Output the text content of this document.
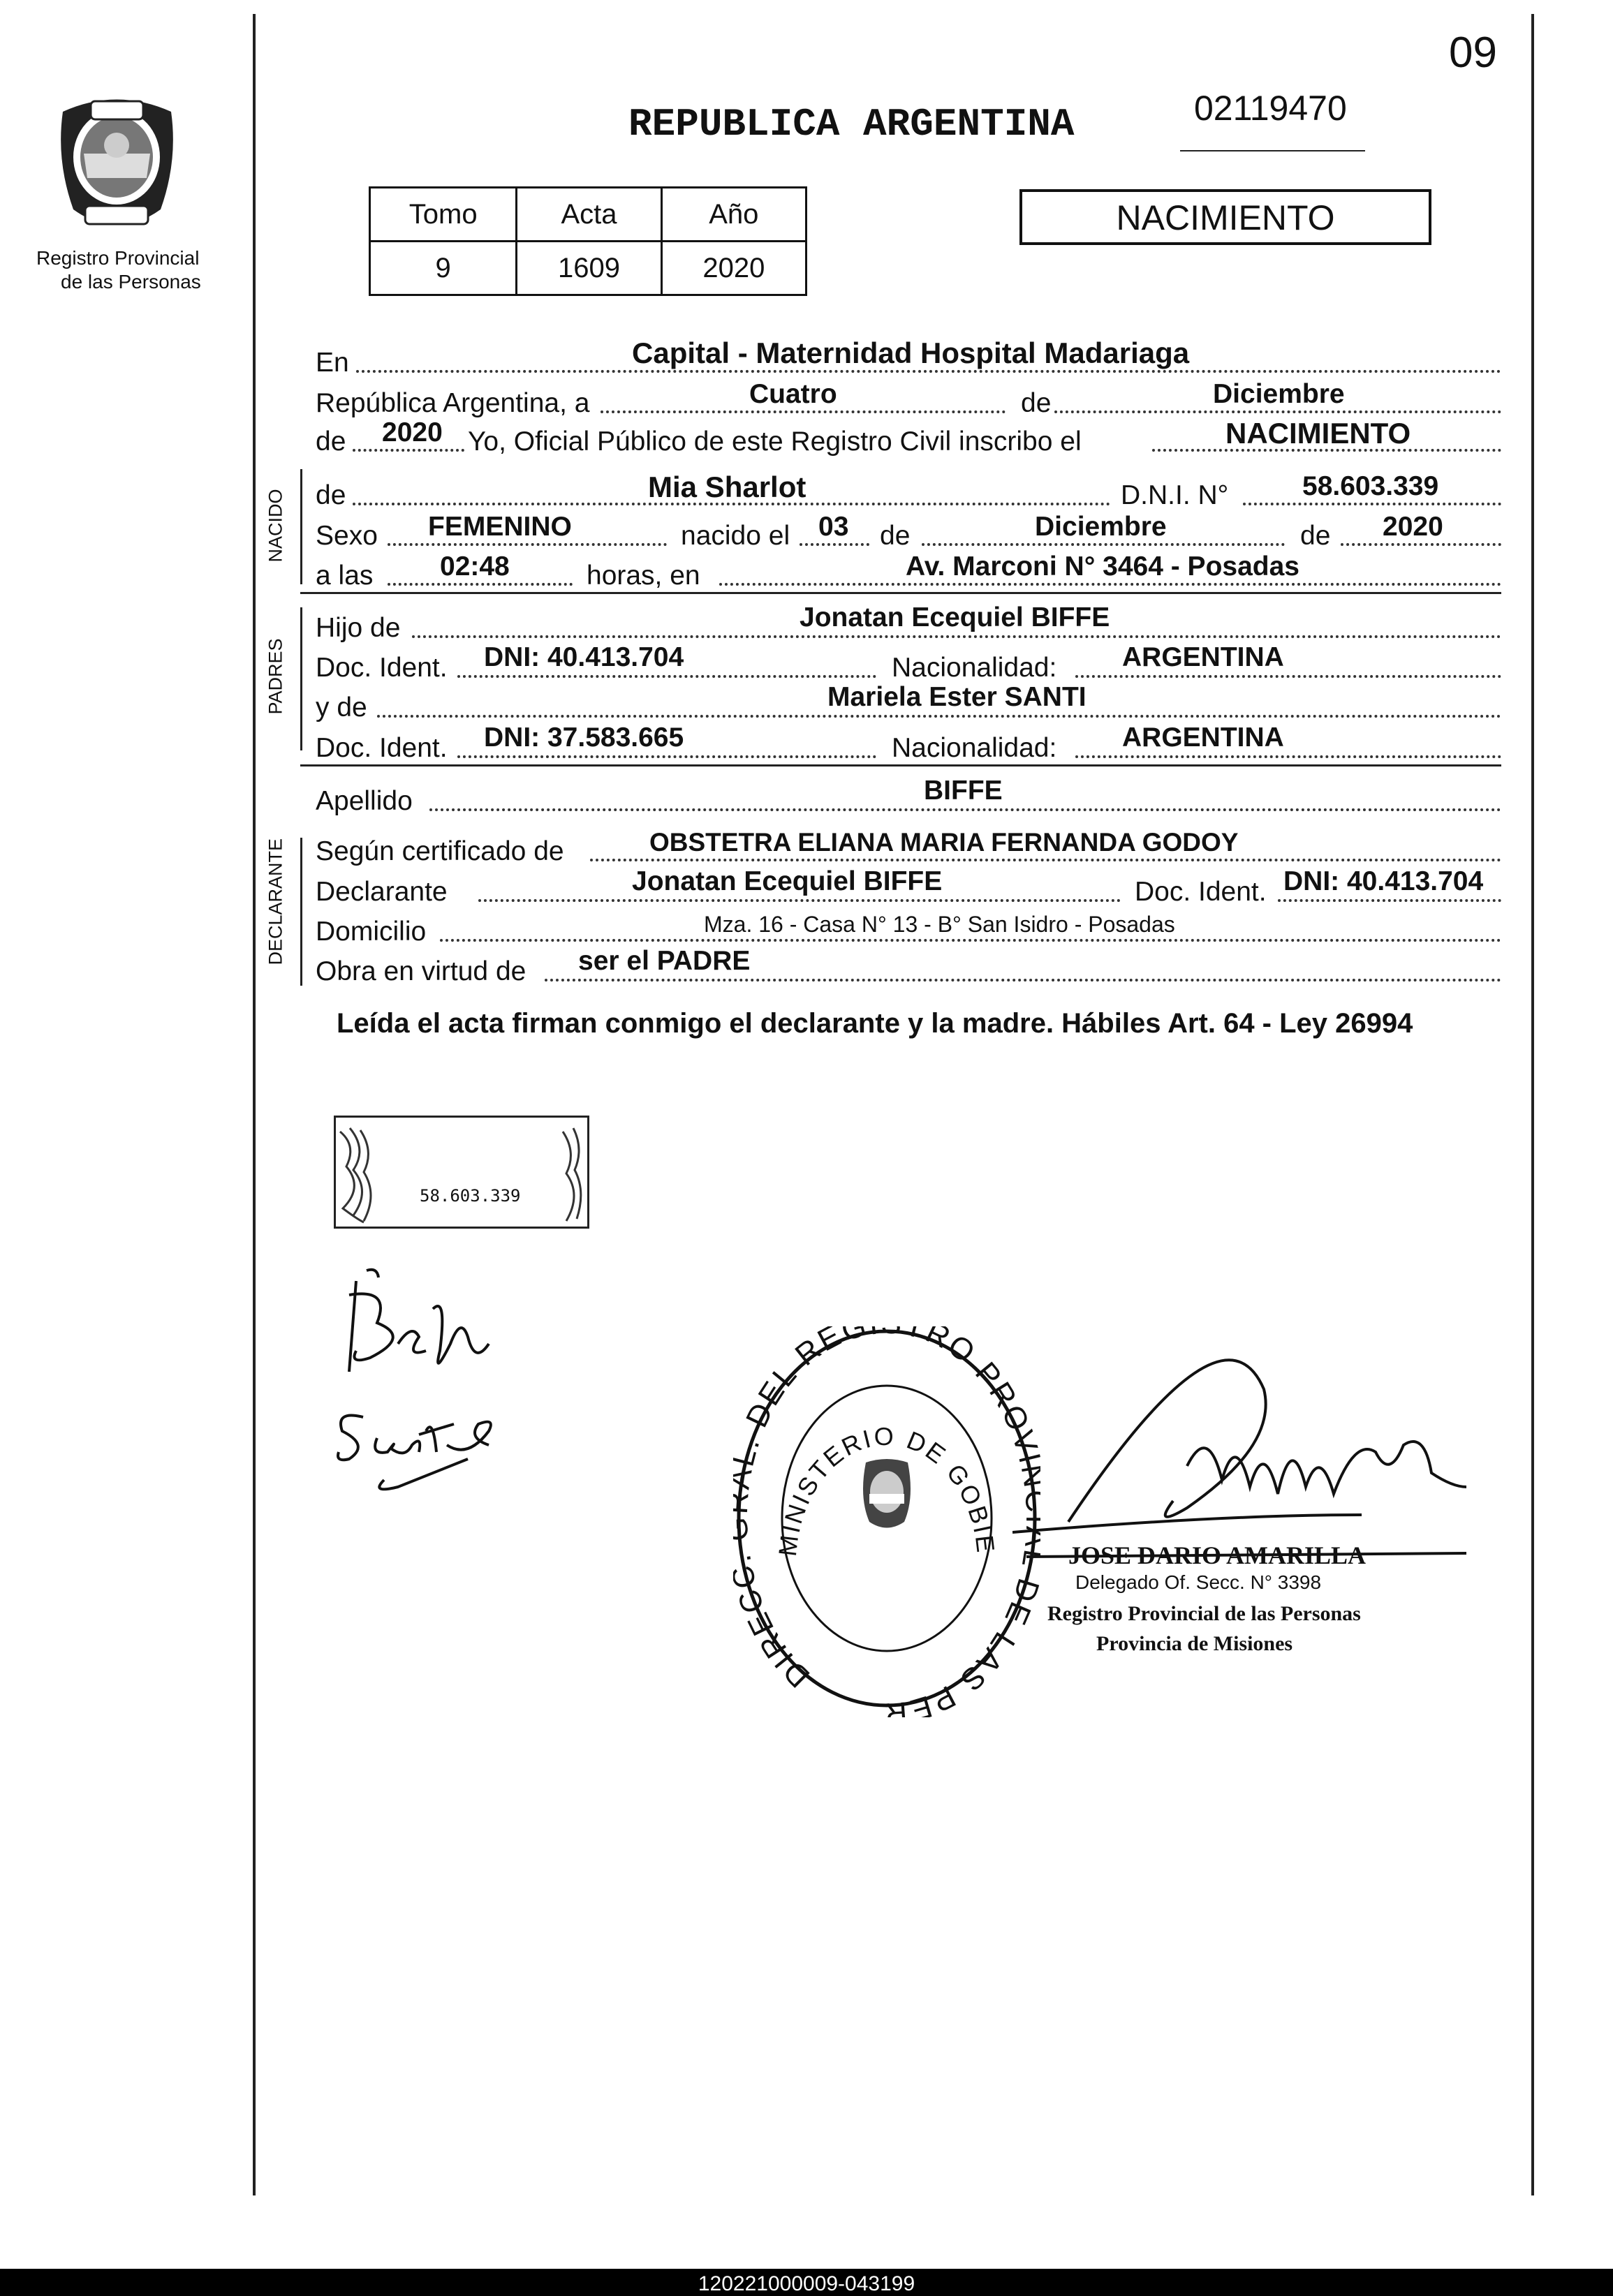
09
Registro Provincial
de las Personas
REPUBLICA ARGENTINA	02119470
Tomo	Acta	Año
9	1609	2020
NACIMIENTO
En	Capital - Maternidad Hospital Madariaga
República Argentina, a	Cuatro	de	Diciembre
de 2020 Yo, Oficial Público de este Registro Civil inscribo el	NACIMIENTO
NACIDO de	Mia Sharlot	D.N.I. N°	58.603.339
Sexo FEMENINO	nacido el 03 de	Diciembre	de 2020
a las 02:48	horas, en	Av. Marconi N° 3464 - Posadas
PADRES
Hijo de	Jonatan Ecequiel BIFFE
Doc. Ident. DNI: 40.413.704	Nacionalidad: ARGENTINA
y de	Mariela Ester SANTI
Doc. Ident. DNI: 37.583.665	Nacionalidad: ARGENTINA
Apellido	BIFFE
DECLARANTE Según certificado de	OBSTETRA ELIANA MARIA FERNANDA GODOY
Declarante	Jonatan Ecequiel BIFFE	Doc. Ident. DNI: 40.413.704
Domicilio	Mza. 16 - Casa N° 13 - B° San Isidro - Posadas
Obra en virtud de ser el PADRE
Leída el acta firman conmigo el declarante y la madre. Hábiles Art. 64 - Ley 26994
58.603.339
DIREC . DEL REG TRO PRO E LAS PER
MINISTERIO DE GOBIE	JOSE DARIO AMARILLA
Delegado Of. Secc. N° 3398
Registro Provincial de las Personas
Provincia de Misiones
120221000009-043199
